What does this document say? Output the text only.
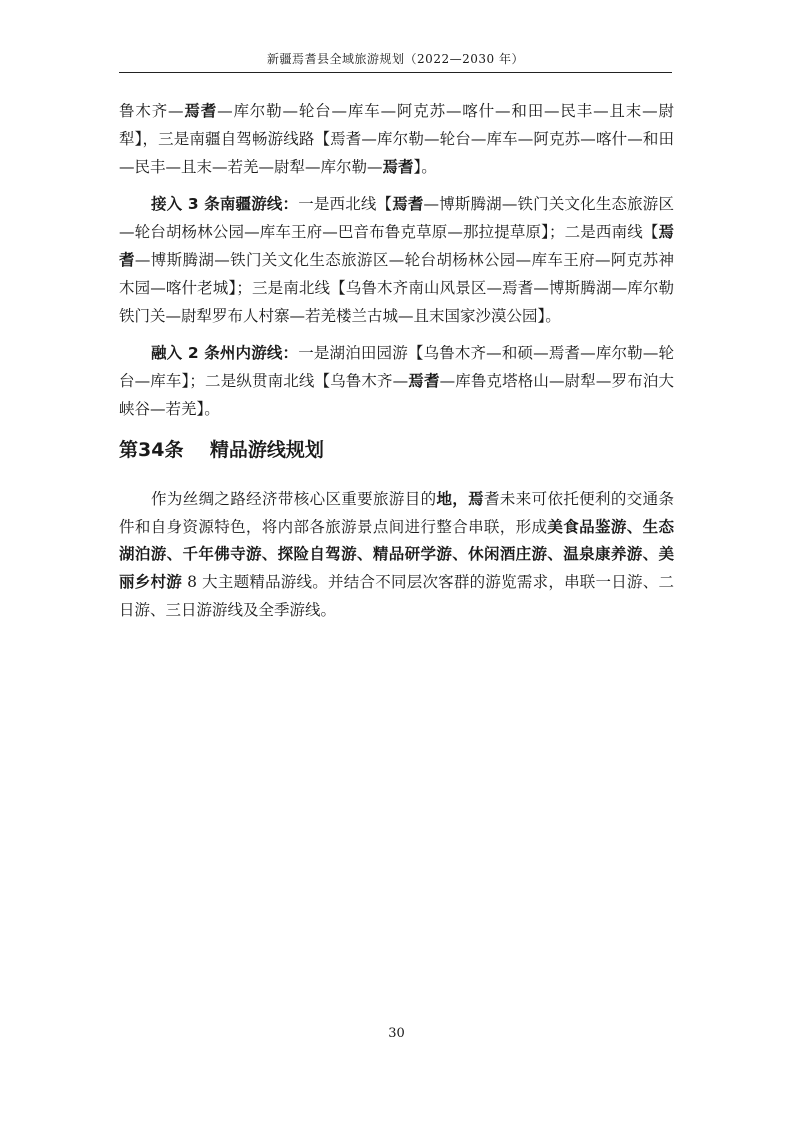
新疆焉耆县全域旅游规划（2022—2030 年）

鲁木齐—焉耆—库尔勒—轮台—库车—阿克苏—喀什—和田—民丰—且末—尉犁】，三是南疆自驾畅游线路【焉耆—库尔勒—轮台—库车—阿克苏—喀什—和田—民丰—且末—若羌—尉犁—库尔勒—焉耆】。

接入 3 条南疆游线：一是西北线【焉耆—博斯腾湖—铁门关文化生态旅游区—轮台胡杨林公园—库车王府—巴音布鲁克草原—那拉提草原】；二是西南线【焉耆—博斯腾湖—铁门关文化生态旅游区—轮台胡杨林公园—库车王府—阿克苏神木园—喀什老城】；三是南北线【乌鲁木齐南山风景区—焉耆—博斯腾湖—库尔勒铁门关—尉犁罗布人村寨—若羌楼兰古城—且末国家沙漠公园】。

融入 2 条州内游线：一是湖泊田园游【乌鲁木齐—和硕—焉耆—库尔勒—轮台—库车】；二是纵贯南北线【乌鲁木齐—焉耆—库鲁克塔格山—尉犁—罗布泊大峡谷—若羌】。

第34条 精品游线规划

作为丝绸之路经济带核心区重要旅游目的地，焉耆未来可依托便利的交通条件和自身资源特色，将内部各旅游景点间进行整合串联，形成美食品鉴游、生态湖泊游、千年佛寺游、探险自驾游、精品研学游、休闲酒庄游、温泉康养游、美丽乡村游 8 大主题精品游线。并结合不同层次客群的游览需求，串联一日游、二日游、三日游游线及全季游线。

30
